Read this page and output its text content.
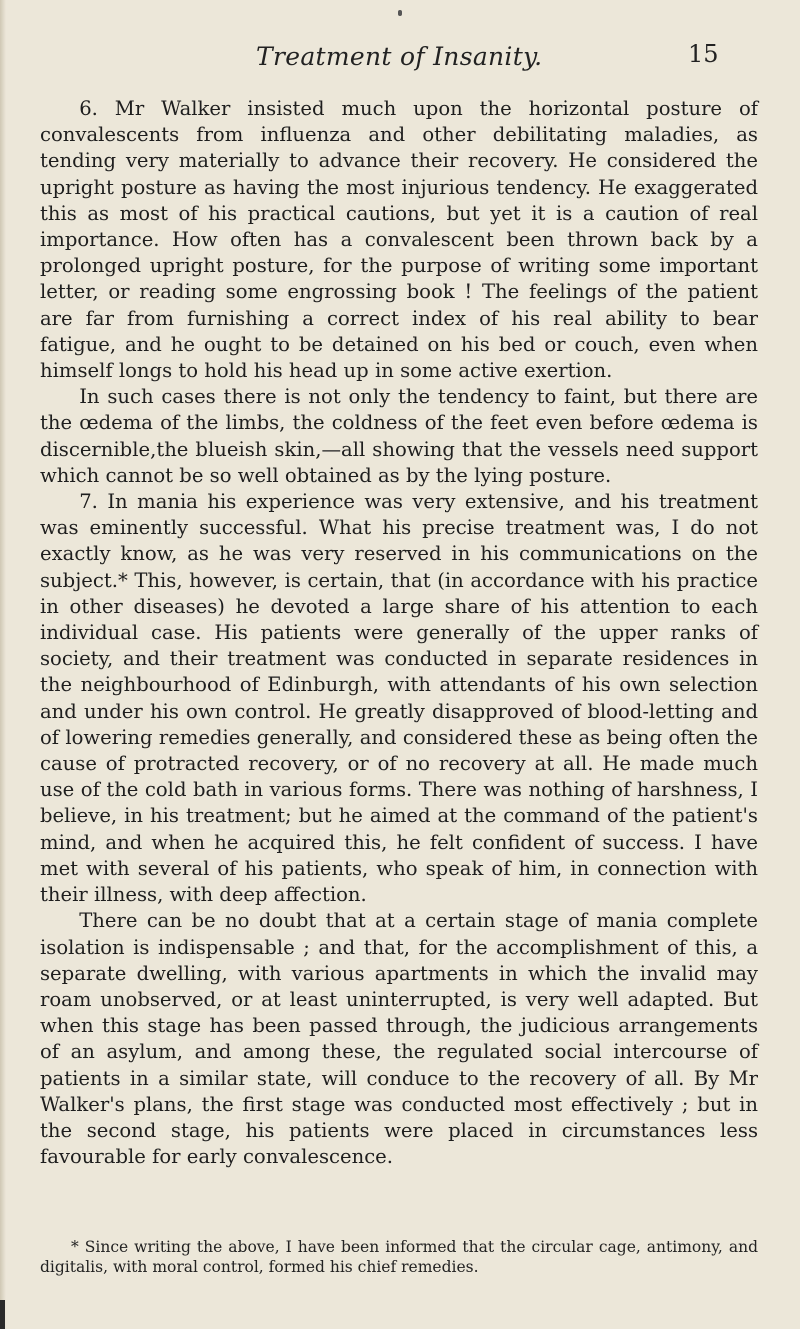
Treatment of Insanity.	15

6. Mr Walker insisted much upon the horizontal posture of convalescents from influenza and other debilitating maladies, as tending very materially to advance their recovery. He considered the upright posture as having the most injurious tendency. He exaggerated this as most of his practical cautions, but yet it is a caution of real importance. How often has a convalescent been thrown back by a prolonged upright posture, for the purpose of writing some important letter, or reading some engrossing book ! The feelings of the patient are far from furnishing a correct index of his real ability to bear fatigue, and he ought to be detained on his bed or couch, even when himself longs to hold his head up in some active exertion.

In such cases there is not only the tendency to faint, but there are the œdema of the limbs, the coldness of the feet even before œdema is discernible,the blueish skin,—all showing that the vessels need support which cannot be so well obtained as by the lying posture.

7. In mania his experience was very extensive, and his treatment was eminently successful. What his precise treatment was, I do not exactly know, as he was very reserved in his communications on the subject.* This, however, is certain, that (in accordance with his practice in other diseases) he devoted a large share of his attention to each individual case. His patients were generally of the upper ranks of society, and their treatment was conducted in separate residences in the neighbourhood of Edinburgh, with attendants of his own selection and under his own control. He greatly disapproved of blood-letting and of lowering remedies generally, and considered these as being often the cause of protracted recovery, or of no recovery at all. He made much use of the cold bath in various forms. There was nothing of harshness, I believe, in his treatment; but he aimed at the command of the patient's mind, and when he acquired this, he felt confident of success. I have met with several of his patients, who speak of him, in connection with their illness, with deep affection.

There can be no doubt that at a certain stage of mania complete isolation is indispensable ; and that, for the accomplishment of this, a separate dwelling, with various apartments in which the invalid may roam unobserved, or at least uninterrupted, is very well adapted. But when this stage has been passed through, the judicious arrangements of an asylum, and among these, the regulated social intercourse of patients in a similar state, will conduce to the recovery of all. By Mr Walker's plans, the first stage was conducted most effectively ; but in the second stage, his patients were placed in circumstances less favourable for early convalescence.

* Since writing the above, I have been informed that the circular cage, antimony, and digitalis, with moral control, formed his chief remedies.
